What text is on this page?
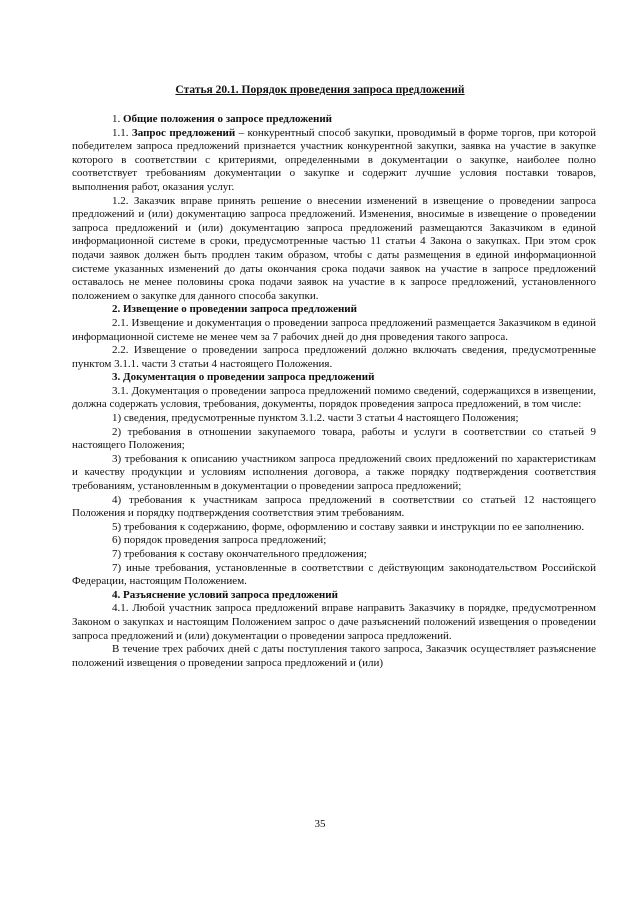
Статья 20.1. Порядок проведения запроса предложений

1. Общие положения о запросе предложений

1.1. Запрос предложений – конкурентный способ закупки, проводимый в форме торгов, при которой победителем запроса предложений признается участник конкурентной закупки, заявка на участие в закупке которого в соответствии с критериями, определенными в документации о закупке, наиболее полно соответствует требованиям документации о закупке и содержит лучшие условия поставки товаров, выполнения работ, оказания услуг.

1.2. Заказчик вправе принять решение о внесении изменений в извещение о проведении запроса предложений и (или) документацию запроса предложений. Изменения, вносимые в извещение о проведении запроса предложений и (или) документацию запроса предложений размещаются Заказчиком в единой информационной системе в сроки, предусмотренные частью 11 статьи 4 Закона о закупках. При этом срок подачи заявок должен быть продлен таким образом, чтобы с даты размещения в единой информационной системе указанных изменений до даты окончания срока подачи заявок на участие в запросе предложений оставалось не менее половины срока подачи заявок на участие в к запросе предложений, установленного положением о закупке для данного способа закупки.

2. Извещение о проведении запроса предложений

2.1. Извещение и документация о проведении запроса предложений размещается Заказчиком в единой информационной системе не менее чем за 7 рабочих дней до дня проведения такого запроса.

2.2. Извещение о проведении запроса предложений должно включать сведения, предусмотренные пунктом 3.1.1. части 3 статьи 4 настоящего Положения.

3. Документация о проведении запроса предложений

3.1. Документация о проведении запроса предложений помимо сведений, содержащихся в извещении, должна содержать условия, требования, документы, порядок проведения запроса предложений, в том числе:

1) сведения, предусмотренные пунктом 3.1.2. части 3 статьи 4 настоящего Положения;

2) требования в отношении закупаемого товара, работы и услуги в соответствии со статьей 9 настоящего Положения;

3) требования к описанию участником запроса предложений своих предложений по характеристикам и качеству продукции и условиям исполнения договора, а также порядку подтверждения соответствия требованиям, установленным в документации о проведении запроса предложений;

4) требования к участникам запроса предложений в соответствии со статьей 12 настоящего Положения и порядку подтверждения соответствия этим требованиям.

5) требования к содержанию, форме, оформлению и составу заявки и инструкции по ее заполнению.

6) порядок проведения запроса предложений;

7) требования к составу окончательного предложения;

7) иные требования, установленные в соответствии с действующим законодательством Российской Федерации, настоящим Положением.

4. Разъяснение условий запроса предложений

4.1. Любой участник запроса предложений вправе направить Заказчику в порядке, предусмотренном Законом о закупках и настоящим Положением запрос о даче разъяснений положений извещения о проведении запроса предложений и (или) документации о проведении запроса предложений.

В течение трех рабочих дней с даты поступления такого запроса, Заказчик осуществляет разъяснение положений извещения о проведении запроса предложений и (или)

35
